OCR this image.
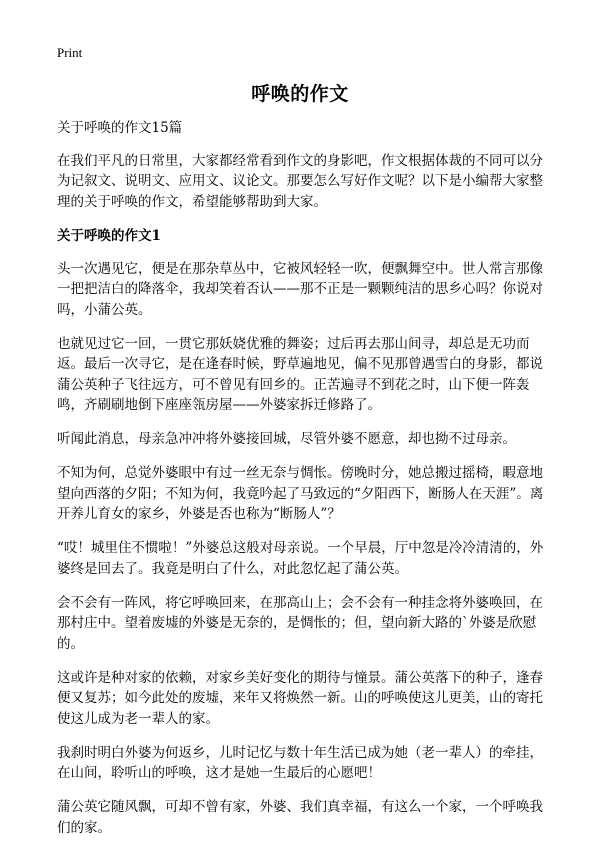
Print
呼唤的作文

关于呼唤的作文15篇

在我们平凡的日常里，大家都经常看到作文的身影吧，作文根据体裁的不同可以分为记叙文、说明文、应用文、议论文。那要怎么写好作文呢？以下是小编帮大家整理的关于呼唤的作文，希望能够帮助到大家。

关于呼唤的作文1

头一次遇见它，便是在那杂草丛中，它被风轻轻一吹，便飘舞空中。世人常言那像一把把洁白的降落伞，我却笑着否认——那不正是一颗颗纯洁的思乡心吗？你说对吗，小蒲公英。

也就见过它一回，一贯它那妖娆优雅的舞姿；过后再去那山间寻，却总是无功而返。最后一次寻它，是在逢春时候，野草遍地见，偏不见那曾遇雪白的身影，都说蒲公英种子飞往远方，可不曾见有回乡的。正苦遍寻不到花之时，山下便一阵轰鸣，齐刷刷地倒下座座瓴房屋——外婆家拆迁修路了。

听闻此消息，母亲急冲冲将外婆接回城，尽管外婆不愿意，却也拗不过母亲。

不知为何，总觉外婆眼中有过一丝无奈与惆怅。傍晚时分，她总搬过摇椅，睱意地望向西落的夕阳；不知为何，我竟吟起了马致远的“夕阳西下，断肠人在天涯”。离开养儿育女的家乡，外婆是否也称为“断肠人”？

“哎！城里住不惯啦！”外婆总这般对母亲说。一个早晨，厅中忽是冷冷清清的，外婆终是回去了。我竟是明白了什么，对此忽忆起了蒲公英。

会不会有一阵风，将它呼唤回来，在那高山上；会不会有一种挂念将外婆唤回，在那村庄中。望着废墟的外婆是无奈的，是惆怅的；但，望向新大路的`外婆是欣慰的。

这或许是种对家的依赖，对家乡美好变化的期待与憧景。蒲公英落下的种子，逢春便又复苏；如今此处的废墟，来年又将焕然一新。山的呼唤使这儿更美，山的寄托使这儿成为老一辈人的家。

我刹时明白外婆为何返乡，儿时记忆与数十年生活已成为她（老一辈人）的牵挂，在山间，聆听山的呼唤，这才是她一生最后的心愿吧！

蒲公英它随风飘，可却不曾有家，外婆、我们真幸福，有这么一个家，一个呼唤我们的家。
